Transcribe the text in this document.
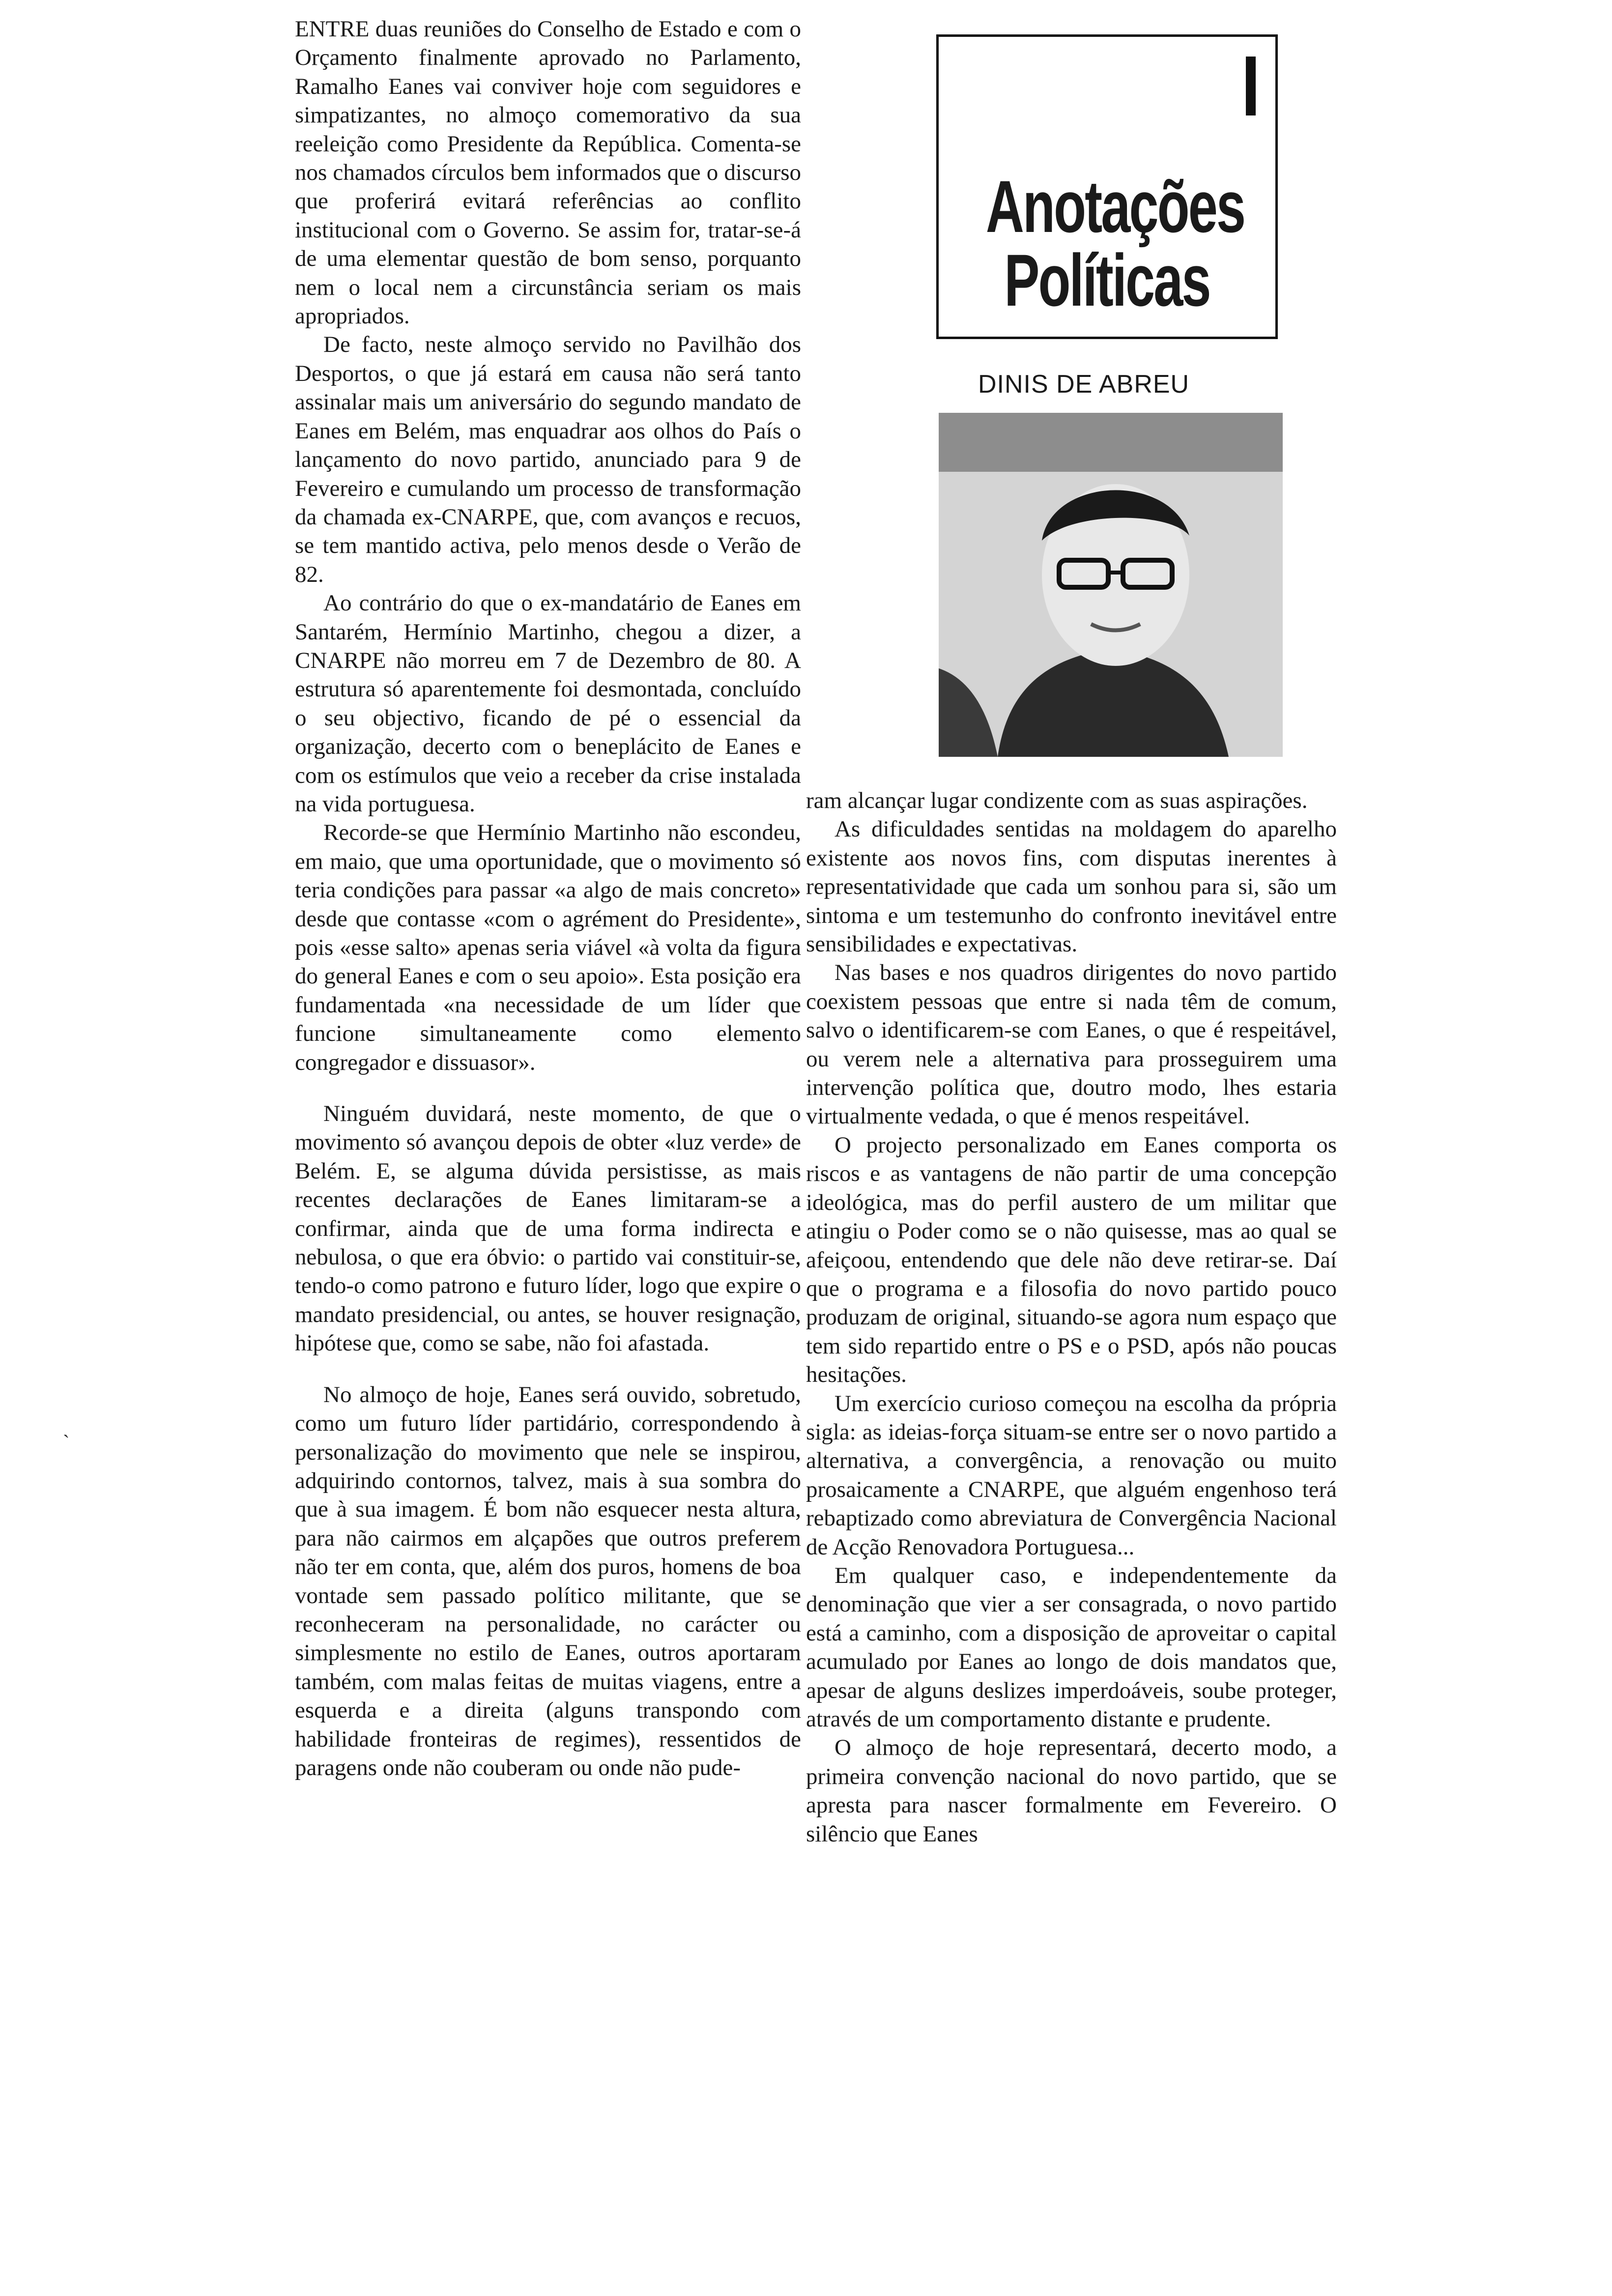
ENTRE duas reuniões do Conselho de Estado e com o Orçamento finalmente aprovado no Parlamento, Ramalho Eanes vai conviver hoje com seguidores e simpatizantes, no almoço comemorativo da sua reeleição como Presidente da República. Comenta-se nos chamados círculos bem informados que o discurso que proferirá evitará referências ao conflito institucional com o Governo. Se assim for, tratar-se-á de uma elementar questão de bom senso, porquanto nem o local nem a circunstância seriam os mais apropriados.

De facto, neste almoço servido no Pavilhão dos Desportos, o que já estará em causa não será tanto assinalar mais um aniversário do segundo mandato de Eanes em Belém, mas enquadrar aos olhos do País o lançamento do novo partido, anunciado para 9 de Fevereiro e cumulando um processo de transformação da chamada ex-CNARPE, que, com avanços e recuos, se tem mantido activa, pelo menos desde o Verão de 82.

Ao contrário do que o ex-mandatário de Eanes em Santarém, Hermínio Martinho, chegou a dizer, a CNARPE não morreu em 7 de Dezembro de 80. A estrutura só aparentemente foi desmontada, concluído o seu objectivo, ficando de pé o essencial da organização, decerto com o beneplácito de Eanes e com os estímulos que veio a receber da crise instalada na vida portuguesa.

Recorde-se que Hermínio Martinho não escondeu, em maio, que uma oportunidade, que o movimento só teria condições para passar «a algo de mais concreto» desde que contasse «com o agrément do Presidente», pois «esse salto» apenas seria viável «à volta da figura do general Eanes e com o seu apoio». Esta posição era fundamentada «na necessidade de um líder que funcione simultaneamente como elemento congregador e dissuasor».

Ninguém duvidará, neste momento, de que o movimento só avançou depois de obter «luz verde» de Belém. E, se alguma dúvida persistisse, as mais recentes declarações de Eanes limitaram-se a confirmar, ainda que de uma forma indirecta e nebulosa, o que era óbvio: o partido vai constituir-se, tendo-o como patrono e futuro líder, logo que expire o mandato presidencial, ou antes, se houver resignação, hipótese que, como se sabe, não foi afastada.

No almoço de hoje, Eanes será ouvido, sobretudo, como um futuro líder partidário, correspondendo à personalização do movimento que nele se inspirou, adquirindo contornos, talvez, mais à sua sombra do que à sua imagem. É bom não esquecer nesta altura, para não cairmos em alçapões que outros preferem não ter em conta, que, além dos puros, homens de boa vontade sem passado político militante, que se reconheceram na personalidade, no carácter ou simplesmente no estilo de Eanes, outros aportaram também, com malas feitas de muitas viagens, entre a esquerda e a direita (alguns transpondo com habilidade fronteiras de regimes), ressentidos de paragens onde não couberam ou onde não pude-

Anotações
Políticas
DINIS DE ABREU

ram alcançar lugar condizente com as suas aspirações.

As dificuldades sentidas na moldagem do aparelho existente aos novos fins, com disputas inerentes à representatividade que cada um sonhou para si, são um sintoma e um testemunho do confronto inevitável entre sensibilidades e expectativas.

Nas bases e nos quadros dirigentes do novo partido coexistem pessoas que entre si nada têm de comum, salvo o identificarem-se com Eanes, o que é respeitável, ou verem nele a alternativa para prosseguirem uma intervenção política que, doutro modo, lhes estaria virtualmente vedada, o que é menos respeitável.

O projecto personalizado em Eanes comporta os riscos e as vantagens de não partir de uma concepção ideológica, mas do perfil austero de um militar que atingiu o Poder como se o não quisesse, mas ao qual se afeiçoou, entendendo que dele não deve retirar-se. Daí que o programa e a filosofia do novo partido pouco produzam de original, situando-se agora num espaço que tem sido repartido entre o PS e o PSD, após não poucas hesitações.

Um exercício curioso começou na escolha da própria sigla: as ideias-força situam-se entre ser o novo partido a alternativa, a convergência, a renovação ou muito prosaicamente a CNARPE, que alguém engenhoso terá rebaptizado como abreviatura de Convergência Nacional de Acção Renovadora Portuguesa...

Em qualquer caso, e independentemente da denominação que vier a ser consagrada, o novo partido está a caminho, com a disposição de aproveitar o capital acumulado por Eanes ao longo de dois mandatos que, apesar de alguns deslizes imperdoáveis, soube proteger, através de um comportamento distante e prudente.

O almoço de hoje representará, decerto modo, a primeira convenção nacional do novo partido, que se apresta para nascer formalmente em Fevereiro. O silêncio que Eanes

ˎ
